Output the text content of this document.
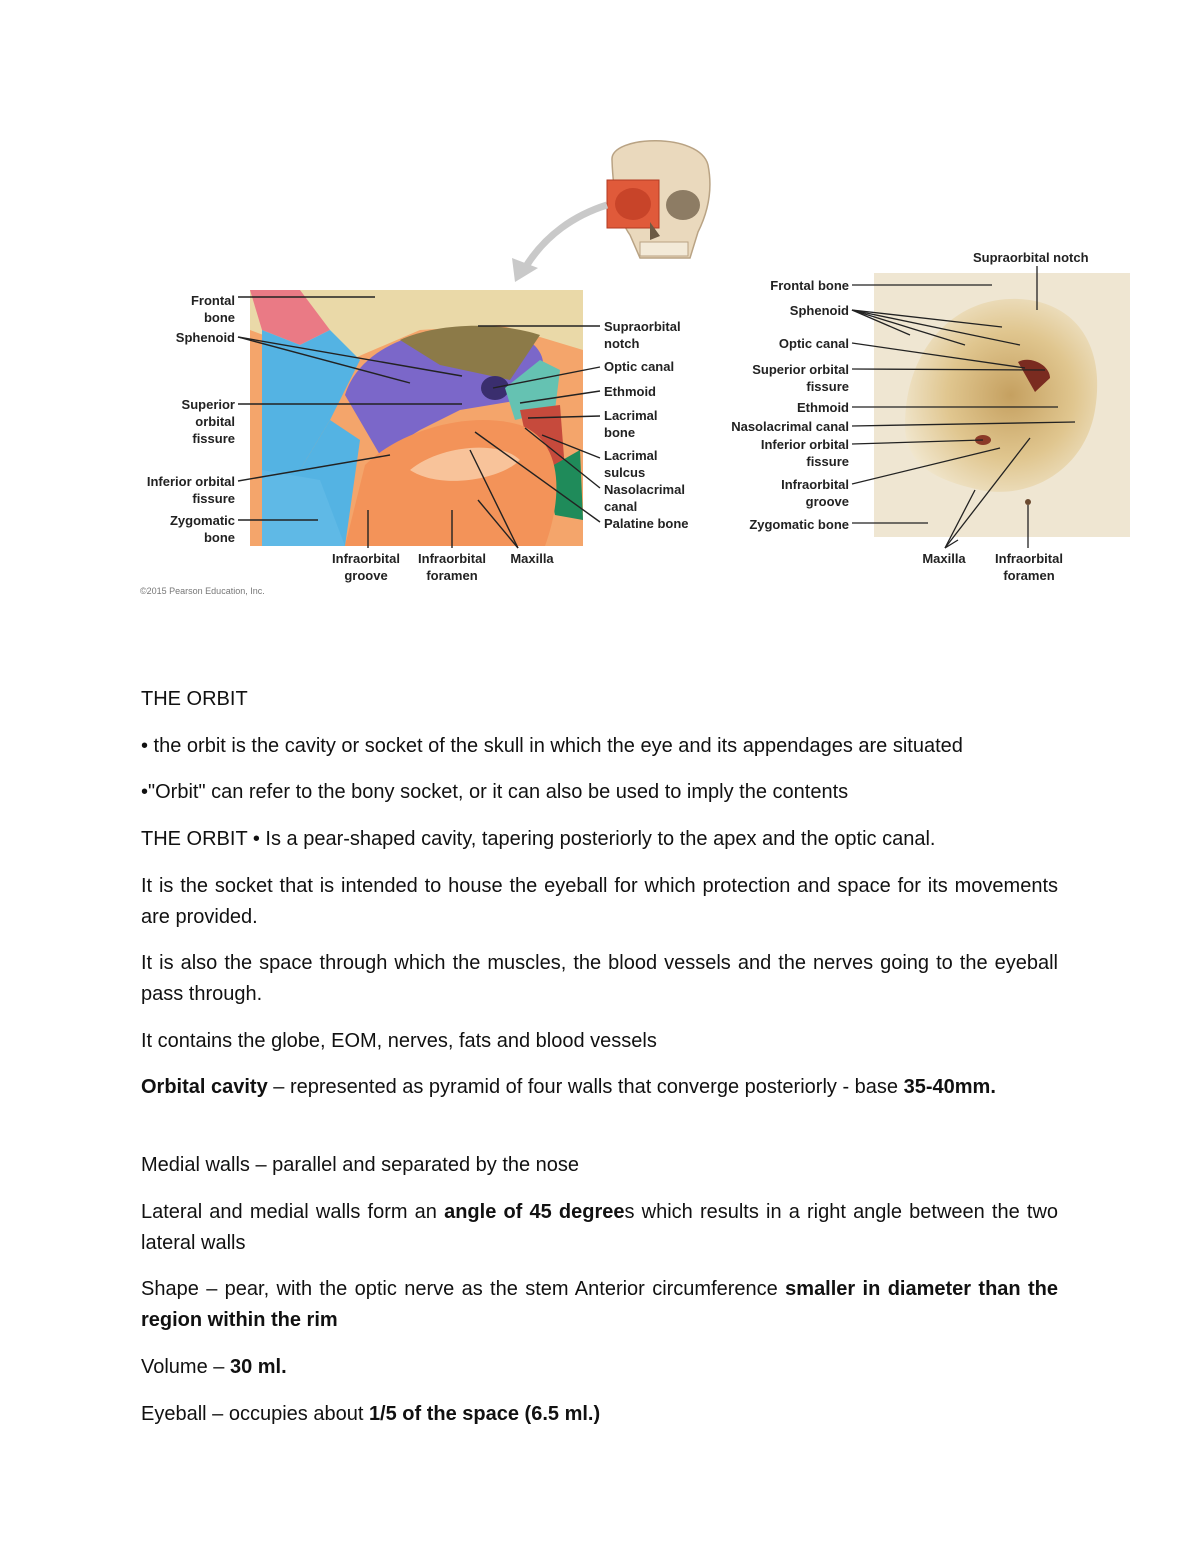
Frontal
bone
Sphenoid
Superior
orbital
fissure
Inferior orbital
fissure
Zygomatic
bone
Supraorbital
notch
Optic canal
Ethmoid
Lacrimal
bone
Lacrimal
sulcus
Nasolacrimal
canal
Palatine bone
Infraorbital
groove
Infraorbital
foramen
Maxilla
©2015 Pearson Education, Inc.
Supraorbital notch
Frontal bone
Sphenoid
Optic canal
Superior orbital
fissure
Ethmoid
Nasolacrimal canal
Inferior orbital
fissure
Infraorbital
groove
Zygomatic bone
Maxilla	Infraorbital
foramen

THE ORBIT

• the orbit is the cavity or socket of the skull in which the eye and its appendages are situated

•"Orbit" can refer to the bony socket, or it can also be used to imply the contents

THE ORBIT • Is a pear-shaped cavity, tapering posteriorly to the apex and the optic canal.

It is the socket that is intended to house the eyeball for which protection and space for its movements are provided.

It is also the space through which the muscles, the blood vessels and the nerves going to the eyeball pass through.

It contains the globe, EOM, nerves, fats and blood vessels

Orbital cavity – represented as pyramid of four walls that converge posteriorly - base 35-40mm.

Medial walls – parallel and separated by the nose

Lateral and medial walls form an angle of 45 degrees which results in a right angle between the two lateral walls

Shape – pear, with the optic nerve as the stem Anterior circumference smaller in diameter than the region within the rim

Volume – 30 ml.

Eyeball – occupies about 1/5 of the space (6.5 ml.)
